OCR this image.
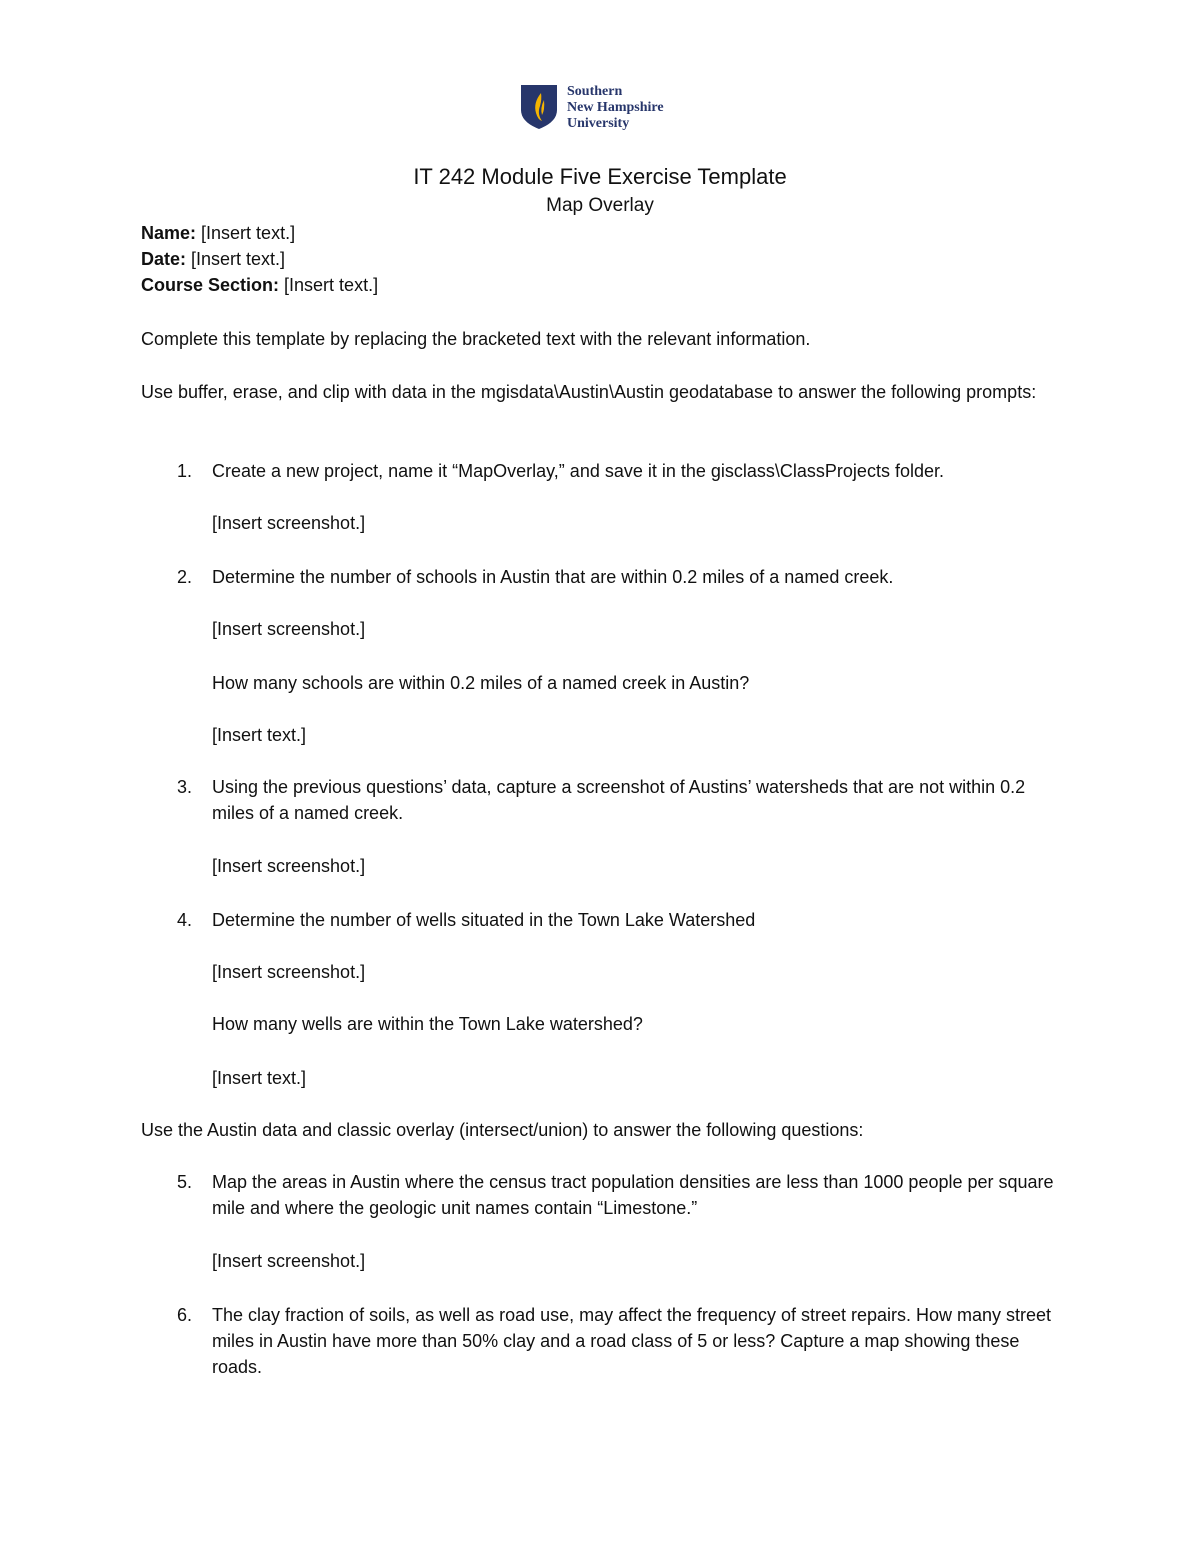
Southern
New Hampshire
University
IT 242 Module Five Exercise Template
Map Overlay
Name: [Insert text.]
Date: [Insert text.]
Course Section: [Insert text.]
Complete this template by replacing the bracketed text with the relevant information.
Use buffer, erase, and clip with data in the mgisdata\Austin\Austin geodatabase to answer the following prompts:
1. Create a new project, name it “MapOverlay,” and save it in the gisclass\ClassProjects folder.
[Insert screenshot.]
2. Determine the number of schools in Austin that are within 0.2 miles of a named creek.
[Insert screenshot.]
How many schools are within 0.2 miles of a named creek in Austin?
[Insert text.]
3. Using the previous questions’ data, capture a screenshot of Austins’ watersheds that are not within 0.2 miles of a named creek.
[Insert screenshot.]
4. Determine the number of wells situated in the Town Lake Watershed
[Insert screenshot.]
How many wells are within the Town Lake watershed?
[Insert text.]
Use the Austin data and classic overlay (intersect/union) to answer the following questions:
5. Map the areas in Austin where the census tract population densities are less than 1000 people per square mile and where the geologic unit names contain “Limestone.”
[Insert screenshot.]
6. The clay fraction of soils, as well as road use, may affect the frequency of street repairs. How many street miles in Austin have more than 50% clay and a road class of 5 or less? Capture a map showing these roads.
